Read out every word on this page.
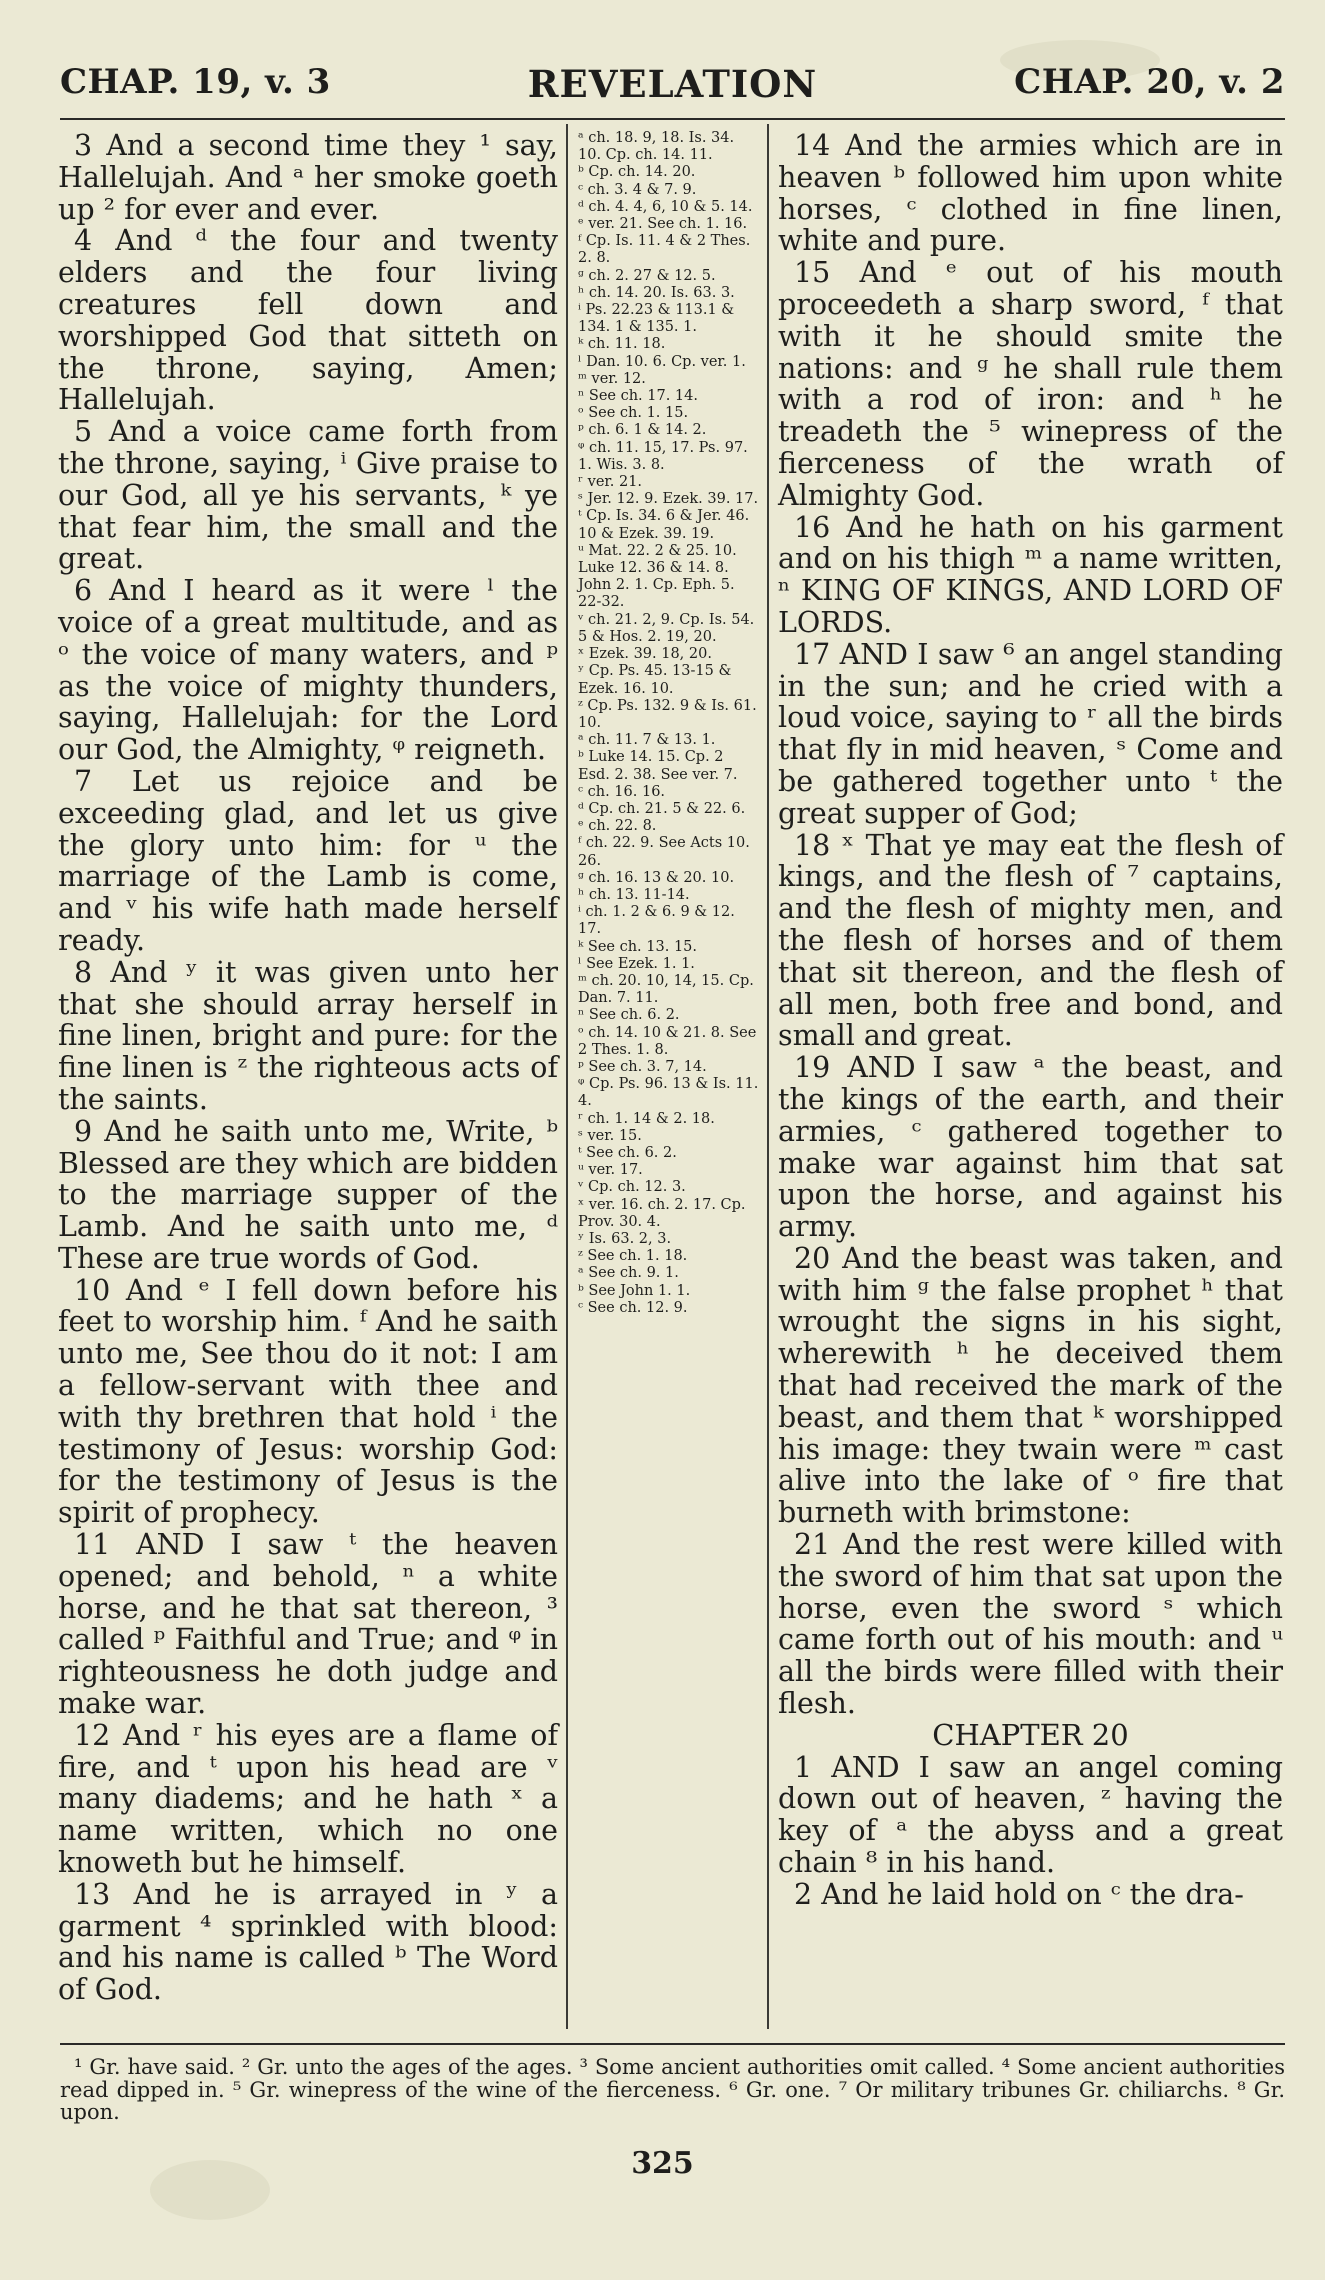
CHAP. 19, v. 3	REVELATION	CHAP. 20, v. 2

3 And a second time they ¹ say, Hallelujah. And ᵃ her smoke goeth up ² for ever and ever.

4 And ᵈ the four and twenty elders and the four living creatures fell down and worshipped God that sitteth on the throne, saying, Amen; Hallelujah.

5 And a voice came forth from the throne, saying, ⁱ Give praise to our God, all ye his servants, ᵏ ye that fear him, the small and the great.

6 And I heard as it were ˡ the voice of a great multitude, and as ᵒ the voice of many waters, and ᵖ as the voice of mighty thunders, saying, Hallelujah: for the Lord our God, the Almighty, ᵠ reigneth.

7 Let us rejoice and be exceeding glad, and let us give the glory unto him: for ᵘ the marriage of the Lamb is come, and ᵛ his wife hath made herself ready.

8 And ʸ it was given unto her that she should array herself in fine linen, bright and pure: for the fine linen is ᶻ the righteous acts of the saints.

9 And he saith unto me, Write, ᵇ Blessed are they which are bidden to the marriage supper of the Lamb. And he saith unto me, ᵈ These are true words of God.

10 And ᵉ I fell down before his feet to worship him. ᶠ And he saith unto me, See thou do it not: I am a fellow-servant with thee and with thy brethren that hold ⁱ the testimony of Jesus: worship God: for the testimony of Jesus is the spirit of prophecy.

11 AND I saw ᵗ the heaven opened; and behold, ⁿ a white horse, and he that sat thereon, ³ called ᵖ Faithful and True; and ᵠ in righteousness he doth judge and make war.

12 And ʳ his eyes are a flame of fire, and ᵗ upon his head are ᵛ many diadems; and he hath ˣ a name written, which no one knoweth but he himself.

13 And he is arrayed in ʸ a garment ⁴ sprinkled with blood: and his name is called ᵇ The Word of God.

ᵃ ch. 18. 9, 18. Is. 34. 10. Cp. ch. 14. 11.

ᵇ Cp. ch. 14. 20.

ᶜ ch. 3. 4 & 7. 9.

ᵈ ch. 4. 4, 6, 10 & 5. 14.

ᵉ ver. 21. See ch. 1. 16.

ᶠ Cp. Is. 11. 4 & 2 Thes. 2. 8.

ᵍ ch. 2. 27 & 12. 5.

ʰ ch. 14. 20. Is. 63. 3.

ⁱ Ps. 22.23 & 113.1 & 134. 1 & 135. 1.

ᵏ ch. 11. 18.

ˡ Dan. 10. 6. Cp. ver. 1.

ᵐ ver. 12.

ⁿ See ch. 17. 14.

ᵒ See ch. 1. 15.

ᵖ ch. 6. 1 & 14. 2.

ᵠ ch. 11. 15, 17. Ps. 97. 1. Wis. 3. 8.

ʳ ver. 21.

ˢ Jer. 12. 9. Ezek. 39. 17.

ᵗ Cp. Is. 34. 6 & Jer. 46. 10 & Ezek. 39. 19.

ᵘ Mat. 22. 2 & 25. 10. Luke 12. 36 & 14. 8. John 2. 1. Cp. Eph. 5. 22-32.

ᵛ ch. 21. 2, 9. Cp. Is. 54. 5 & Hos. 2. 19, 20.

ˣ Ezek. 39. 18, 20.

ʸ Cp. Ps. 45. 13-15 & Ezek. 16. 10.

ᶻ Cp. Ps. 132. 9 & Is. 61. 10.

ᵃ ch. 11. 7 & 13. 1.

ᵇ Luke 14. 15. Cp. 2 Esd. 2. 38. See ver. 7.

ᶜ ch. 16. 16.

ᵈ Cp. ch. 21. 5 & 22. 6.

ᵉ ch. 22. 8.

ᶠ ch. 22. 9. See Acts 10. 26.

ᵍ ch. 16. 13 & 20. 10.

ʰ ch. 13. 11-14.

ⁱ ch. 1. 2 & 6. 9 & 12. 17.

ᵏ See ch. 13. 15.

ˡ See Ezek. 1. 1.

ᵐ ch. 20. 10, 14, 15. Cp. Dan. 7. 11.

ⁿ See ch. 6. 2.

ᵒ ch. 14. 10 & 21. 8. See 2 Thes. 1. 8.

ᵖ See ch. 3. 7, 14.

ᵠ Cp. Ps. 96. 13 & Is. 11. 4.

ʳ ch. 1. 14 & 2. 18.

ˢ ver. 15.

ᵗ See ch. 6. 2.

ᵘ ver. 17.

ᵛ Cp. ch. 12. 3.

ˣ ver. 16. ch. 2. 17. Cp. Prov. 30. 4.

ʸ Is. 63. 2, 3.

ᶻ See ch. 1. 18.

ᵃ See ch. 9. 1.

ᵇ See John 1. 1.

ᶜ See ch. 12. 9.

14 And the armies which are in heaven ᵇ followed him upon white horses, ᶜ clothed in fine linen, white and pure.

15 And ᵉ out of his mouth proceedeth a sharp sword, ᶠ that with it he should smite the nations: and ᵍ he shall rule them with a rod of iron: and ʰ he treadeth the ⁵ winepress of the fierceness of the wrath of Almighty God.

16 And he hath on his garment and on his thigh ᵐ a name written, ⁿ KING OF KINGS, AND LORD OF LORDS.

17 AND I saw ⁶ an angel standing in the sun; and he cried with a loud voice, saying to ʳ all the birds that fly in mid heaven, ˢ Come and be gathered together unto ᵗ the great supper of God;

18 ˣ That ye may eat the flesh of kings, and the flesh of ⁷ captains, and the flesh of mighty men, and the flesh of horses and of them that sit thereon, and the flesh of all men, both free and bond, and small and great.

19 AND I saw ᵃ the beast, and the kings of the earth, and their armies, ᶜ gathered together to make war against him that sat upon the horse, and against his army.

20 And the beast was taken, and with him ᵍ the false prophet ʰ that wrought the signs in his sight, wherewith ʰ he deceived them that had received the mark of the beast, and them that ᵏ worshipped his image: they twain were ᵐ cast alive into the lake of ᵒ fire that burneth with brimstone:

21 And the rest were killed with the sword of him that sat upon the horse, even the sword ˢ which came forth out of his mouth: and ᵘ all the birds were filled with their flesh.

CHAPTER 20

1 AND I saw an angel coming down out of heaven, ᶻ having the key of ᵃ the abyss and a great chain ⁸ in his hand.

2 And he laid hold on ᶜ the dra-

¹ Gr. have said. ² Gr. unto the ages of the ages. ³ Some ancient authorities omit called. ⁴ Some ancient authorities read dipped in. ⁵ Gr. winepress of the wine of the fierceness. ⁶ Gr. one. ⁷ Or military tribunes Gr. chiliarchs. ⁸ Gr. upon.

325
